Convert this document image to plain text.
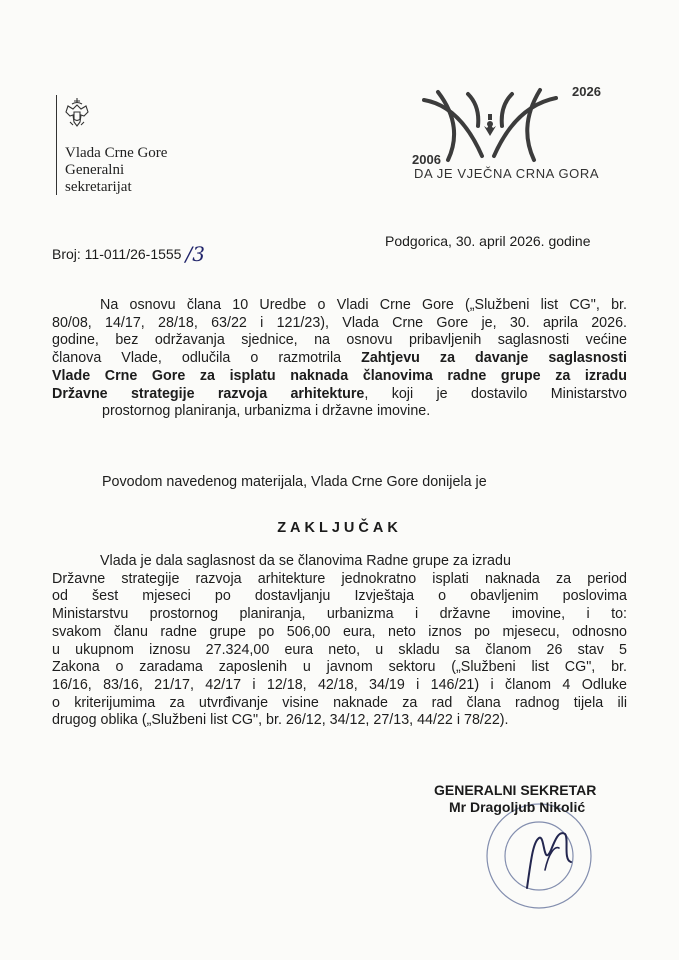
Vlada Crne Gore
Generalni
sekretarijat
2026
2006
DA JE VJEČNA CRNA GORA
Broj: 11-011/26-1555 /3
Podgorica, 30. april 2026. godine
Na osnovu člana 10 Uredbe o Vladi Crne Gore („Službeni list CG", br.
80/08, 14/17, 28/18, 63/22 i 121/23), Vlada Crne Gore je, 30. aprila 2026.
godine, bez održavanja sjednice, na osnovu pribavljenih saglasnosti većine
članova Vlade, odlučila o razmotrila Zahtjevu za davanje saglasnosti
Vlade Crne Gore za isplatu naknada članovima radne grupe za izradu
Državne strategije razvoja arhitekture, koji je dostavilo Ministarstvo
prostornog planiranja, urbanizma i državne imovine.
Povodom navedenog materijala, Vlada Crne Gore donijela je
ZAKLJUČAK
Vlada je dala saglasnost da se članovima Radne grupe za izradu
Državne strategije razvoja arhitekture jednokratno isplati naknada za period
od šest mjeseci po dostavljanju Izvještaja o obavljenim poslovima
Ministarstvu prostornog planiranja, urbanizma i državne imovine, i to:
svakom članu radne grupe po 506,00 eura, neto iznos po mjesecu, odnosno
u ukupnom iznosu 27.324,00 eura neto, u skladu sa članom 26 stav 5
Zakona o zaradama zaposlenih u javnom sektoru („Službeni list CG", br.
16/16, 83/16, 21/17, 42/17 i 12/18, 42/18, 34/19 i 146/21) i članom 4 Odluke
o kriterijumima za utvrđivanje visine naknade za rad člana radnog tijela ili
drugog oblika („Službeni list CG", br. 26/12, 34/12, 27/13, 44/22 i 78/22).
GENERALNI SEKRETAR
Mr Dragoljub Nikolić
